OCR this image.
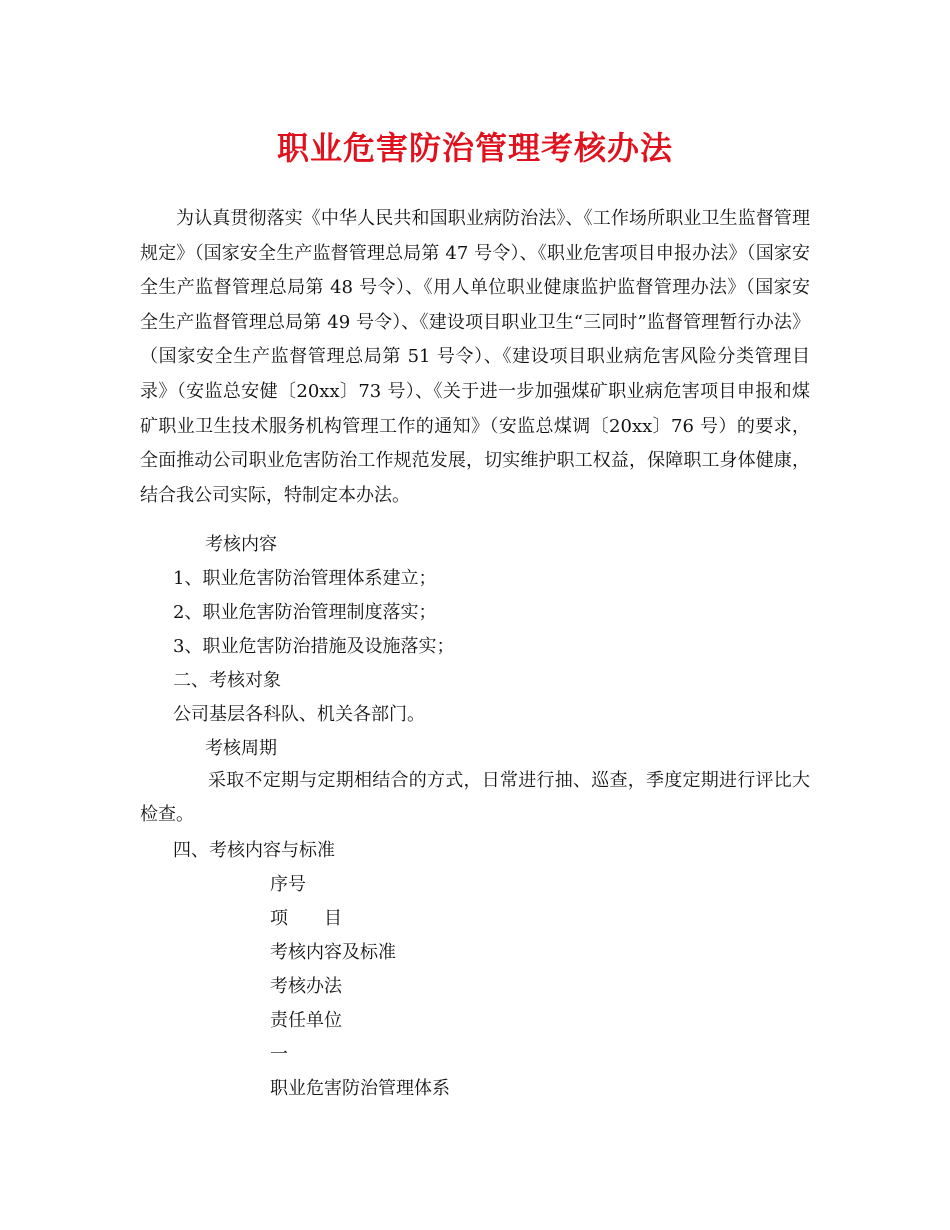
职业危害防治管理考核办法

为认真贯彻落实《中华人民共和国职业病防治法》、《工作场所职业卫生监督管理规定》（国家安全生产监督管理总局第 47 号令）、《职业危害项目申报办法》（国家安全生产监督管理总局第 48 号令）、《用人单位职业健康监护监督管理办法》（国家安全生产监督管理总局第 49 号令）、《建设项目职业卫生“三同时”监督管理暂行办法》（国家安全生产监督管理总局第 51 号令）、《建设项目职业病危害风险分类管理目录》（安监总安健〔20xx〕73 号）、《关于进一步加强煤矿职业病危害项目申报和煤矿职业卫生技术服务机构管理工作的通知》（安监总煤调〔20xx〕76 号）的要求，全面推动公司职业危害防治工作规范发展，切实维护职工权益，保障职工身体健康，结合我公司实际，特制定本办法。

考核内容

1、职业危害防治管理体系建立；

2、职业危害防治管理制度落实；

3、职业危害防治措施及设施落实；

二、考核对象

公司基层各科队、机关各部门。

考核周期

采取不定期与定期相结合的方式，日常进行抽、巡查，季度定期进行评比大检查。

四、考核内容与标准

序号

项　　目

考核内容及标准

考核办法

责任单位

一

职业危害防治管理体系
